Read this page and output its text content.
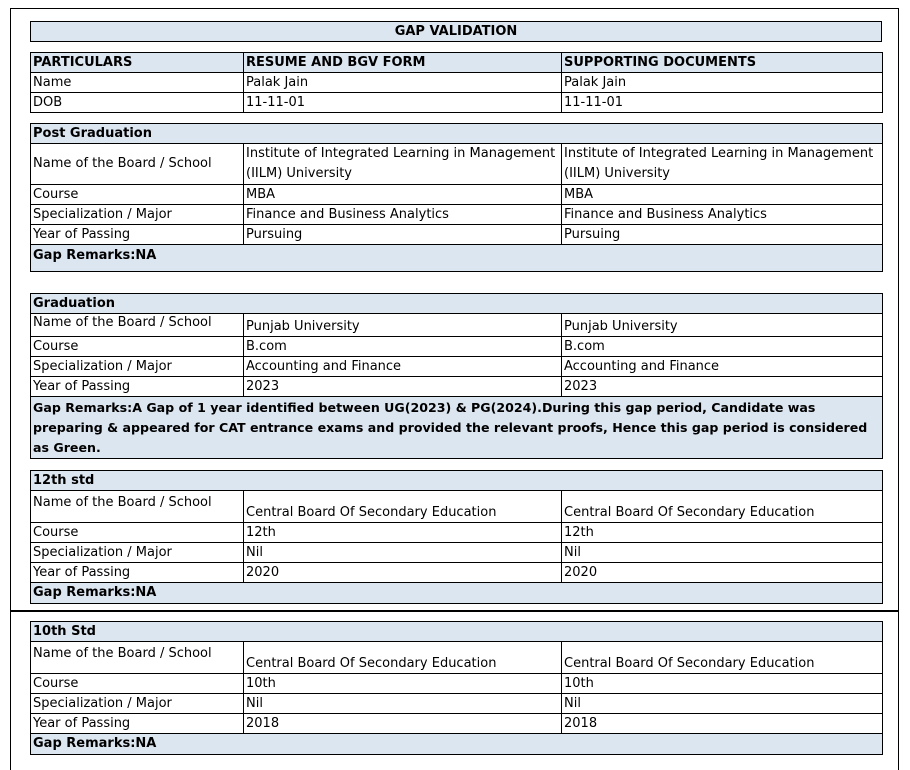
GAP VALIDATION
PARTICULARS	RESUME AND BGV FORM	SUPPORTING DOCUMENTS
Name	Palak Jain	Palak Jain
DOB	11-11-01	11-11-01
Post Graduation		
Name of the Board / School	Institute of Integrated Learning in Management (IILM) University	Institute of Integrated Learning in Management (IILM) University
Course	MBA	MBA
Specialization / Major	Finance and Business Analytics	Finance and Business Analytics
Year of Passing	Pursuing	Pursuing
Gap Remarks:NA		
Graduation		
Name of the Board / School	Punjab University	Punjab University
Course	B.com	B.com
Specialization / Major	Accounting and Finance	Accounting and Finance
Year of Passing	2023	2023
Gap Remarks:A Gap of 1 year identified between UG(2023) & PG(2024).During this gap period, Candidate was preparing & appeared for CAT entrance exams and provided the relevant proofs, Hence this gap period is considered as Green.		
12th std		
Name of the Board / School	Central Board Of Secondary Education	Central Board Of Secondary Education
Course	12th	12th
Specialization / Major	Nil	Nil
Year of Passing	2020	2020
Gap Remarks:NA		
10th Std		
Name of the Board / School	Central Board Of Secondary Education	Central Board Of Secondary Education
Course	10th	10th
Specialization / Major	Nil	Nil
Year of Passing	2018	2018
Gap Remarks:NA		
